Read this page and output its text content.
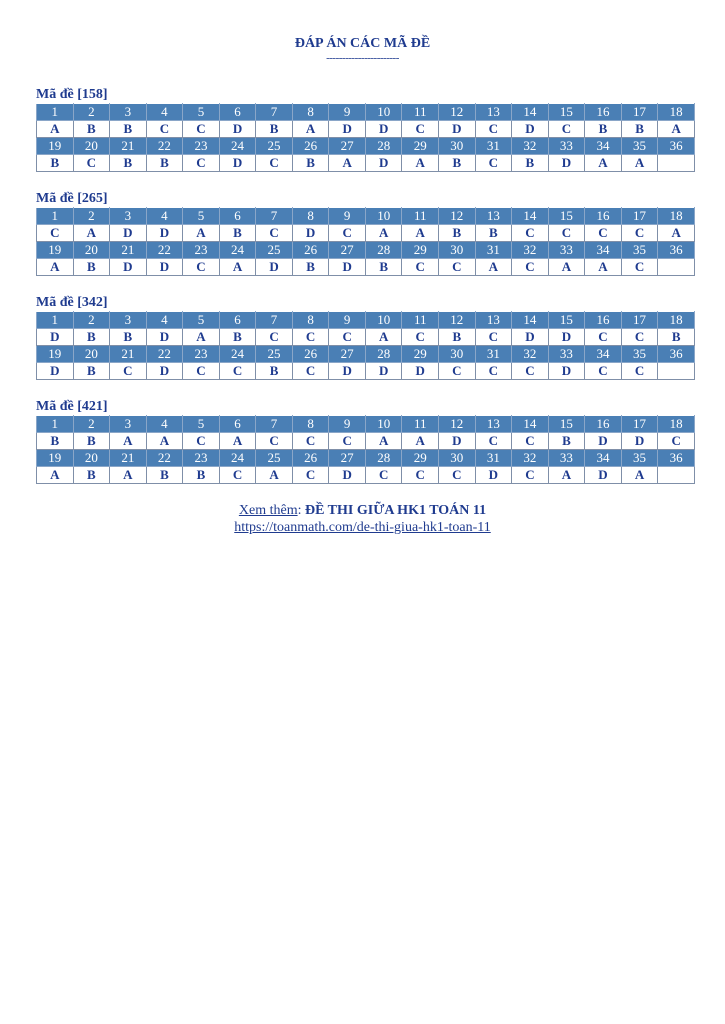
ĐÁP ÁN CÁC MÃ ĐỀ
-----------------------
Mã đề [158]
1	2	3	4	5	6	7	8	9	10	11	12	13	14	15	16	17	18
A	B	B	C	C	D	B	A	D	D	C	D	C	D	C	B	B	A
19	20	21	22	23	24	25	26	27	28	29	30	31	32	33	34	35	36
B	C	B	B	C	D	C	B	A	D	A	B	C	B	D	A	A	
Mã đề [265]
1	2	3	4	5	6	7	8	9	10	11	12	13	14	15	16	17	18
C	A	D	D	A	B	C	D	C	A	A	B	B	C	C	C	C	A
19	20	21	22	23	24	25	26	27	28	29	30	31	32	33	34	35	36
A	B	D	D	C	A	D	B	D	B	C	C	A	C	A	A	C	
Mã đề [342]
1	2	3	4	5	6	7	8	9	10	11	12	13	14	15	16	17	18
D	B	B	D	A	B	C	C	C	A	C	B	C	D	D	C	C	B
19	20	21	22	23	24	25	26	27	28	29	30	31	32	33	34	35	36
D	B	C	D	C	C	B	C	D	D	D	C	C	C	D	C	C	
Mã đề [421]
1	2	3	4	5	6	7	8	9	10	11	12	13	14	15	16	17	18
B	B	A	A	C	A	C	C	C	A	A	D	C	C	B	D	D	C
19	20	21	22	23	24	25	26	27	28	29	30	31	32	33	34	35	36
A	B	A	B	B	C	A	C	D	C	C	C	D	C	A	D	A	
Xem thêm: ĐỀ THI GIỮA HK1 TOÁN 11
https://toanmath.com/de-thi-giua-hk1-toan-11
